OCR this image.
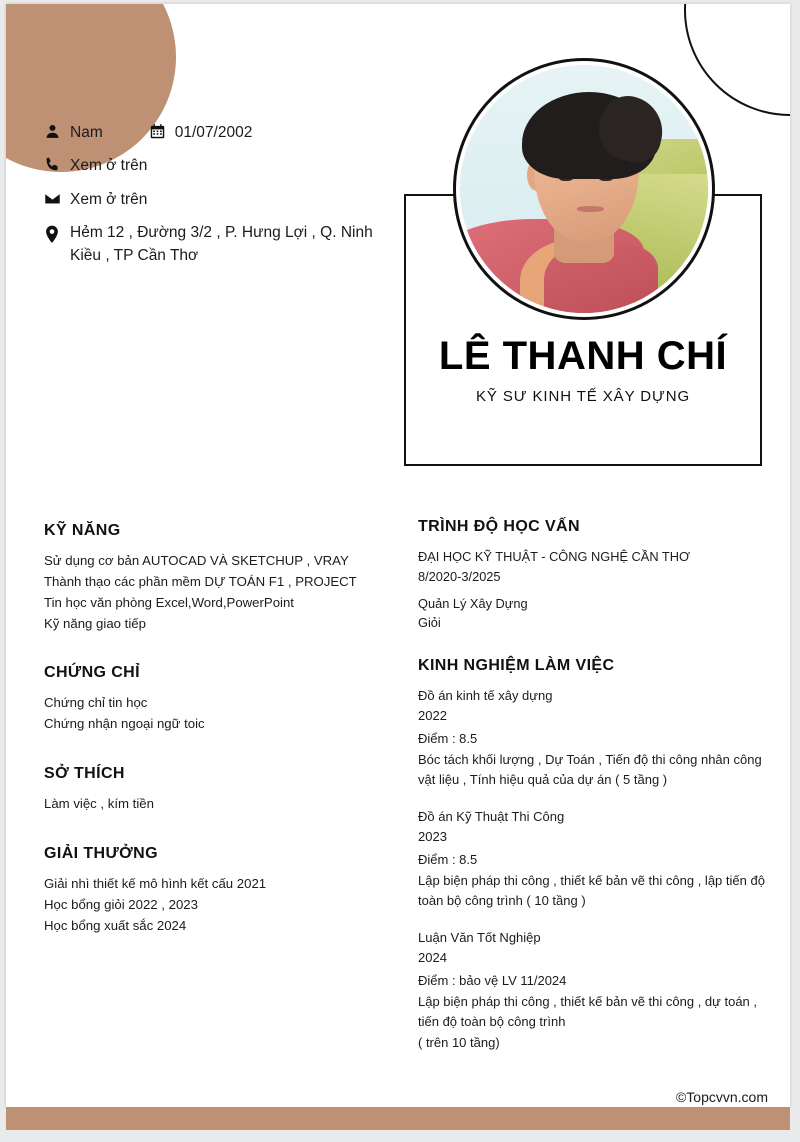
Nam	01/07/2002
Xem ở trên
Xem ở trên
Hẻm 12 , Đường 3/2 , P. Hưng Lợi , Q. Ninh Kiều , TP Cần Thơ
LÊ THANH CHÍ
KỸ SƯ KINH TẾ XÂY DỰNG
KỸ NĂNG
Sử dụng cơ bản AUTOCAD VÀ SKETCHUP , VRAY
Thành thạo các phần mềm DỰ TOÁN F1 , PROJECT
Tin học văn phòng Excel,Word,PowerPoint
Kỹ năng giao tiếp
CHỨNG CHỈ
Chứng chỉ tin học
Chứng nhận ngoại ngữ toic
SỞ THÍCH
Làm việc , kím tiền
GIẢI THƯỞNG
Giải nhì thiết kế mô hình kết cấu 2021
Học bổng giỏi 2022 , 2023
Học bổng xuất sắc 2024
TRÌNH ĐỘ HỌC VẤN
ĐẠI HỌC KỸ THUẬT - CÔNG NGHỆ CẦN THƠ
8/2020-3/2025
Quản Lý Xây Dựng
Giỏi
KINH NGHIỆM LÀM VIỆC
Đồ án kinh tế xây dựng
2022
Điểm : 8.5
Bóc tách khối lượng , Dự Toán , Tiến độ thi công nhân công vật liệu , Tính hiệu quả của dự án ( 5 tầng )
Đồ án Kỹ Thuật Thi Công
2023
Điểm : 8.5
Lập biện pháp thi công , thiết kế bản vẽ thi công , lập tiến độ toàn bộ công trình ( 10 tầng )
Luận Văn Tốt Nghiệp
2024
Điểm : bảo vệ LV 11/2024
Lập biện pháp thi công , thiết kế bản vẽ thi công , dự toán , tiến độ toàn bộ công trình
( trên 10 tầng)
©Topcvvn.com
